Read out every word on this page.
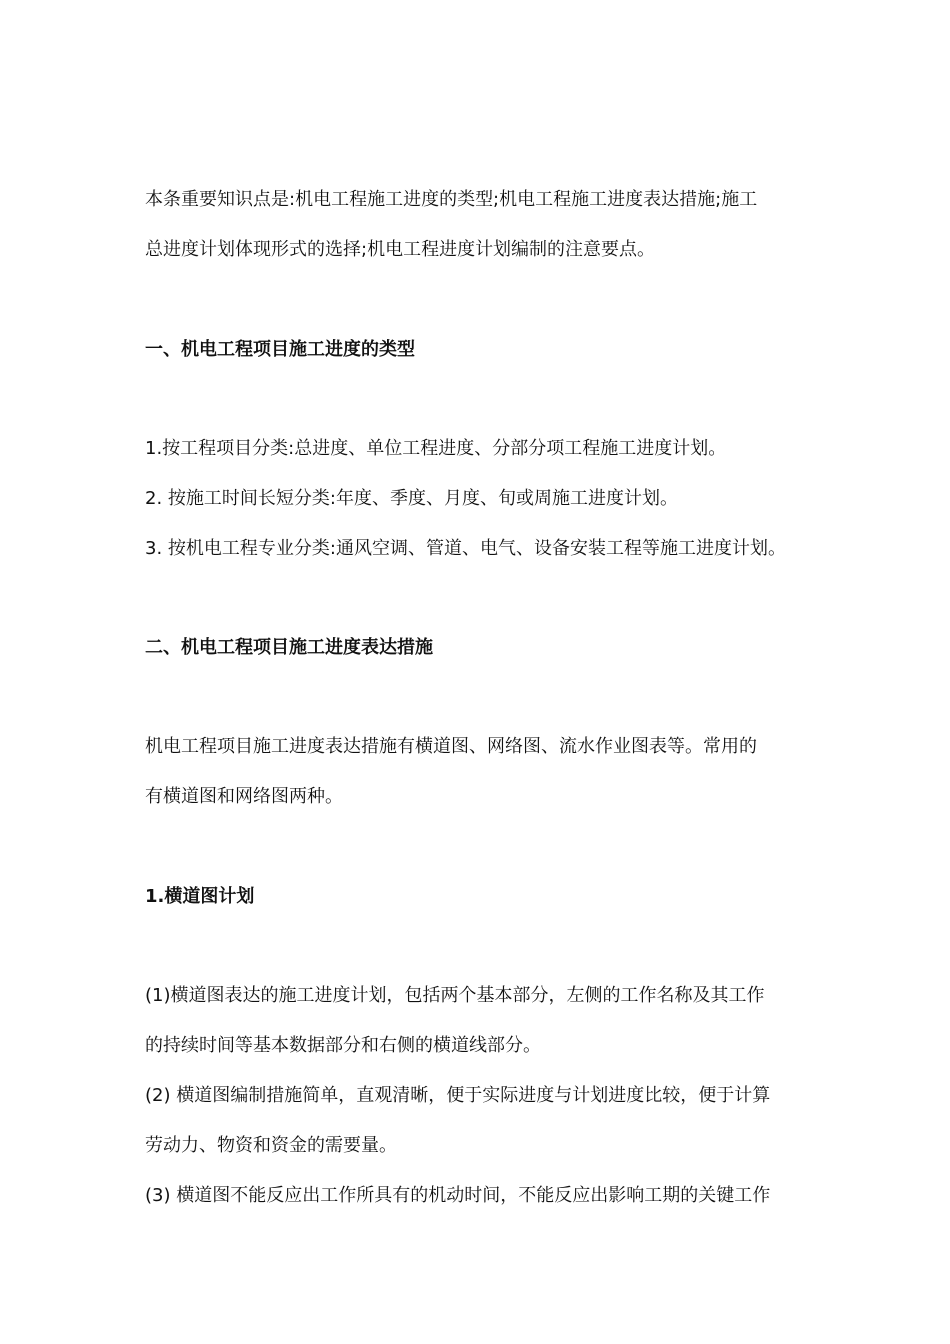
本条重要知识点是:机电工程施工进度的类型;机电工程施工进度表达措施;施工

总进度计划体现形式的选择;机电工程进度计划编制的注意要点。

一、机电工程项目施工进度的类型

1.按工程项目分类:总进度、单位工程进度、分部分项工程施工进度计划。

2. 按施工时间长短分类:年度、季度、月度、旬或周施工进度计划。

3. 按机电工程专业分类:通风空调、管道、电气、设备安装工程等施工进度计划。

二、机电工程项目施工进度表达措施

机电工程项目施工进度表达措施有横道图、网络图、流水作业图表等。常用的

有横道图和网络图两种。

1.横道图计划

(1)横道图表达的施工进度计划，包括两个基本部分，左侧的工作名称及其工作

的持续时间等基本数据部分和右侧的横道线部分。

(2) 横道图编制措施简单，直观清晰，便于实际进度与计划进度比较，便于计算

劳动力、物资和资金的需要量。

(3) 横道图不能反应出工作所具有的机动时间，不能反应出影响工期的关键工作
